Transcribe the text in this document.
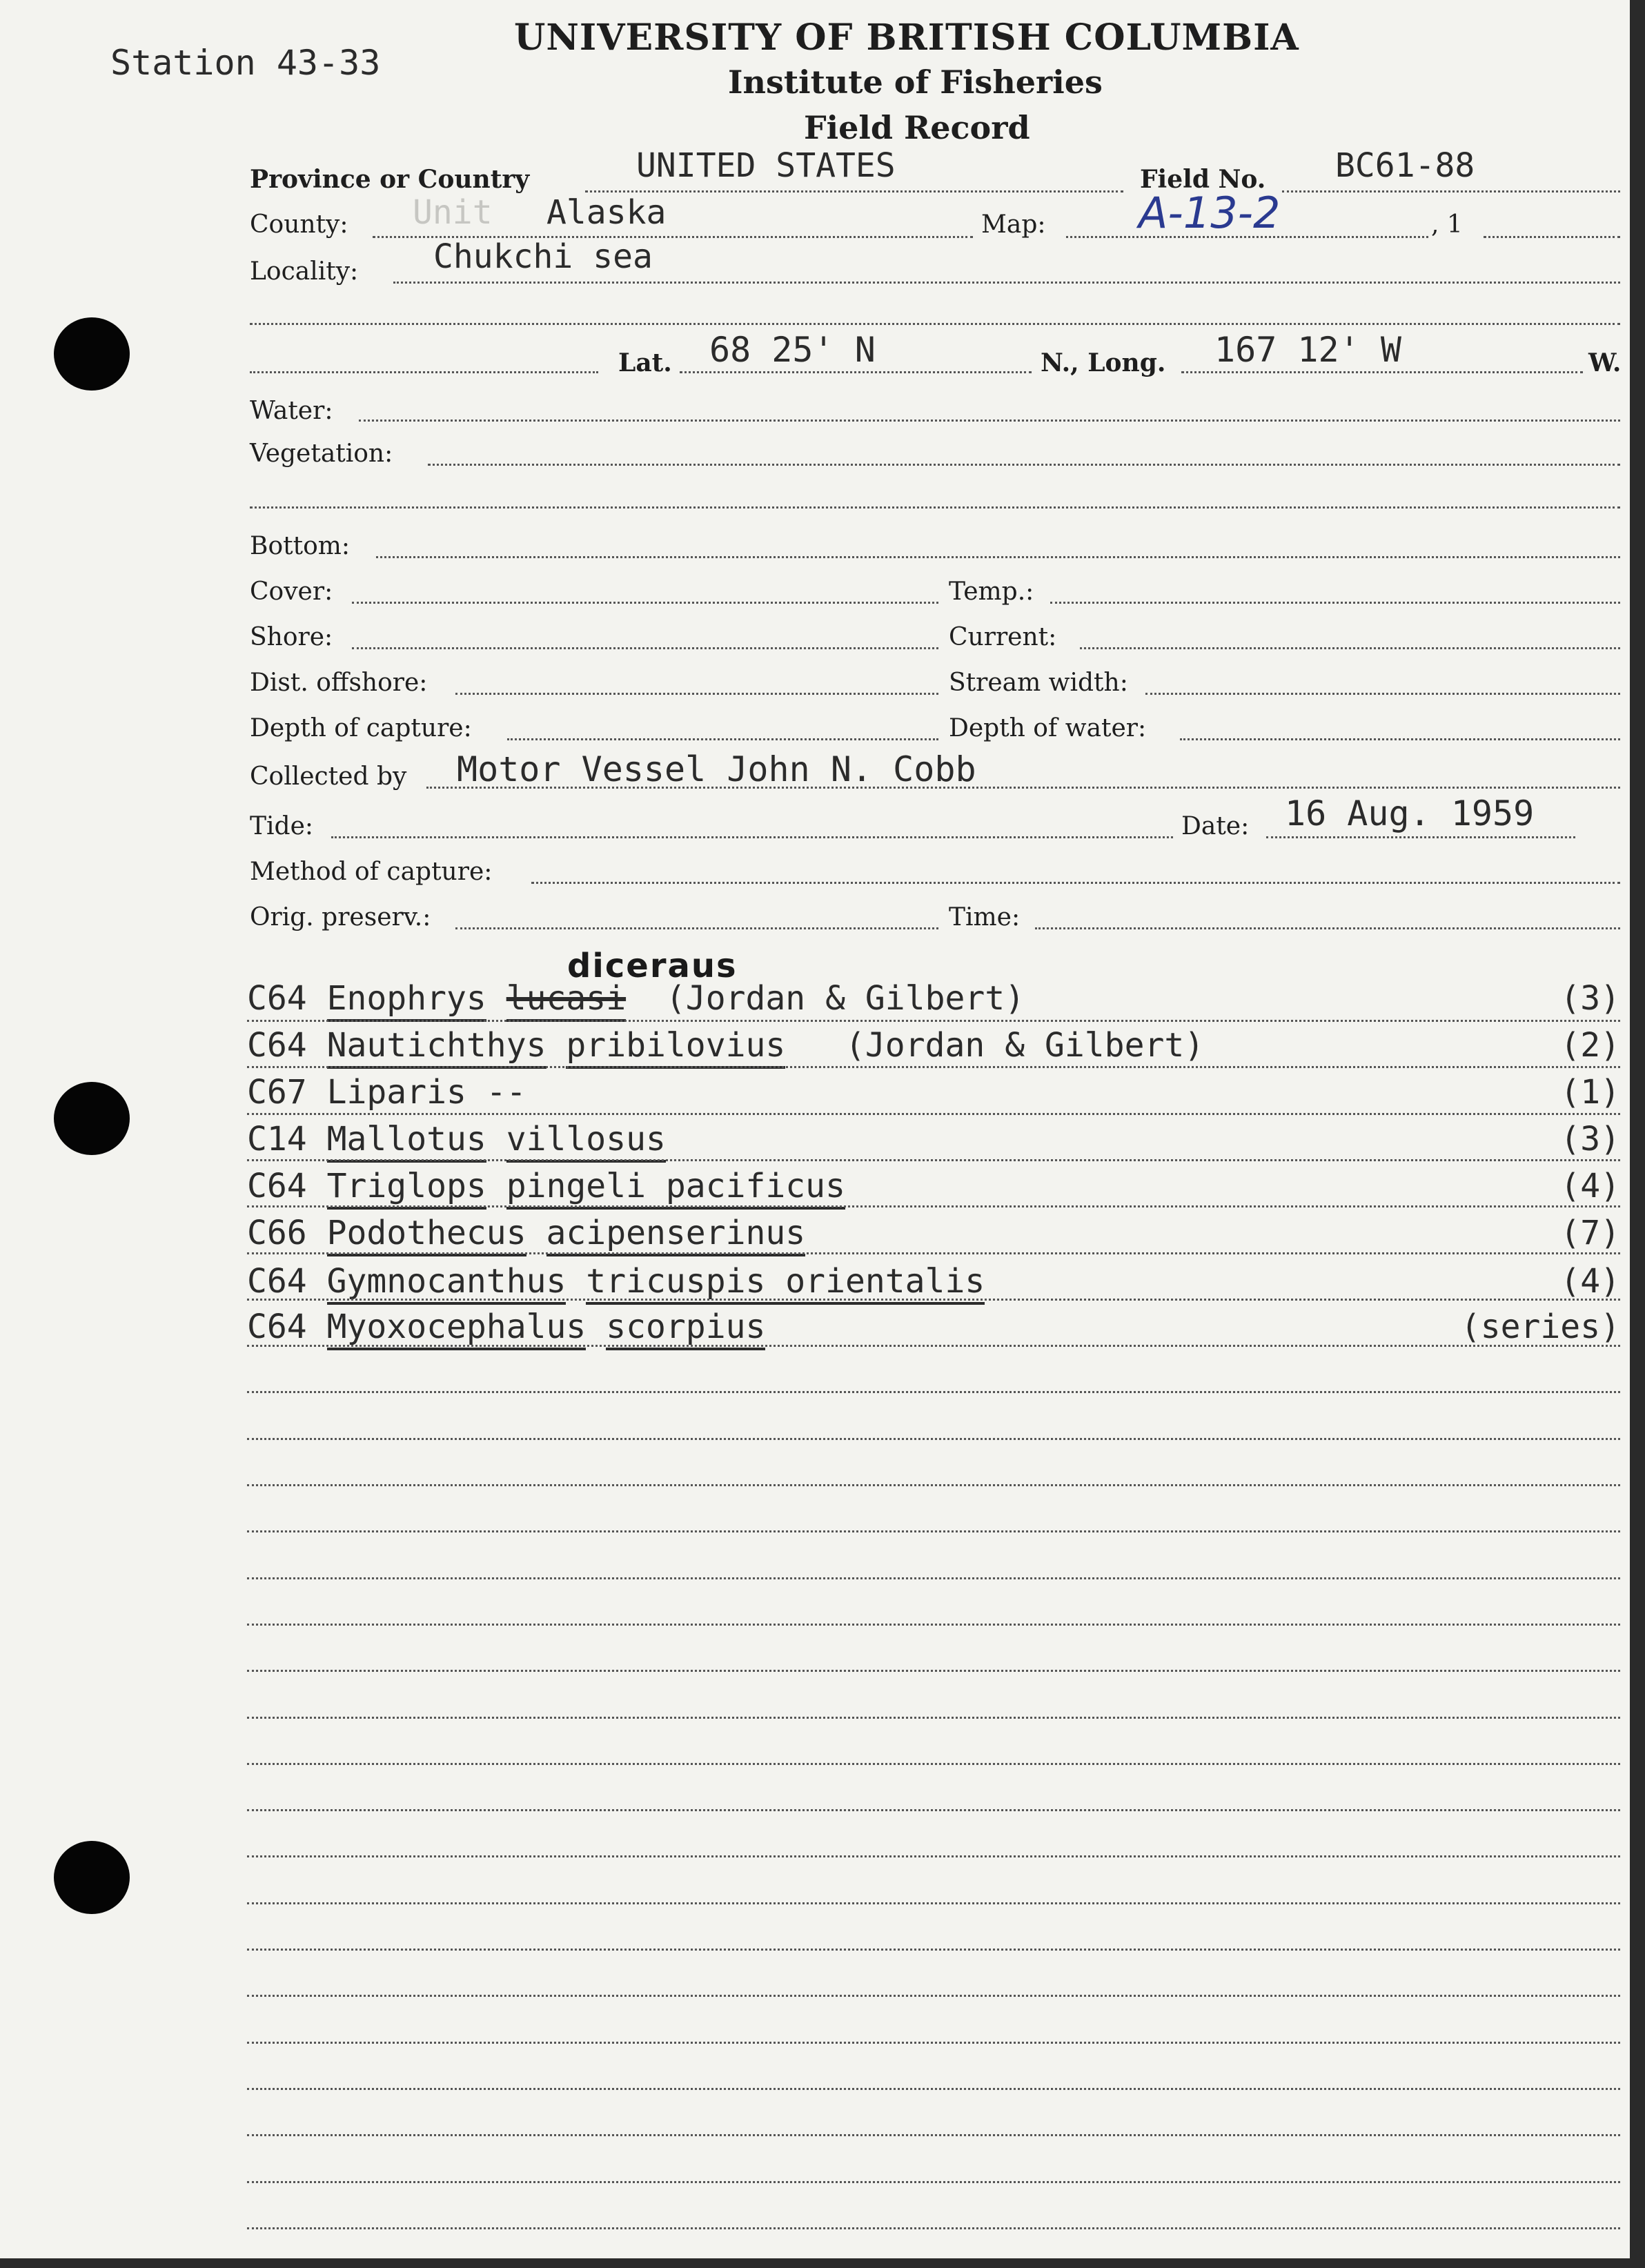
Station 43-33
UNIVERSITY OF BRITISH COLUMBIA
Institute of Fisheries
Field Record
Province or Country	UNITED STATES	Field No. BC61-88
County: Unit Alaska	Map: A-13-2	, 1
Locality: Chukchi sea
Lat. 68 25' N	N., Long. 167 12' W	W.
Water:
Vegetation:
Bottom:
Cover:	Temp.:
Shore:	Current:
Dist. offshore:	Stream width:
Depth of capture:	Depth of water:
Collected by Motor Vessel John N. Cobb
Tide:	Date: 16 Aug. 1959
Method of capture:
Orig. preserv.:	Time:
diceraus
C64 Enophrys lucasi (Jordan & Gilbert)	(3)
C64 Nautichthys pribilovius (Jordan & Gilbert)	(2)
C67 Liparis --	(1)
C14 Mallotus villosus	(3)
C64 Triglops pingeli pacificus	(4)
C66 Podothecus acipenserinus	(7)
C64 Gymnocanthus tricuspis orientalis	(4)
C64 Myoxocephalus scorpius	(series)
